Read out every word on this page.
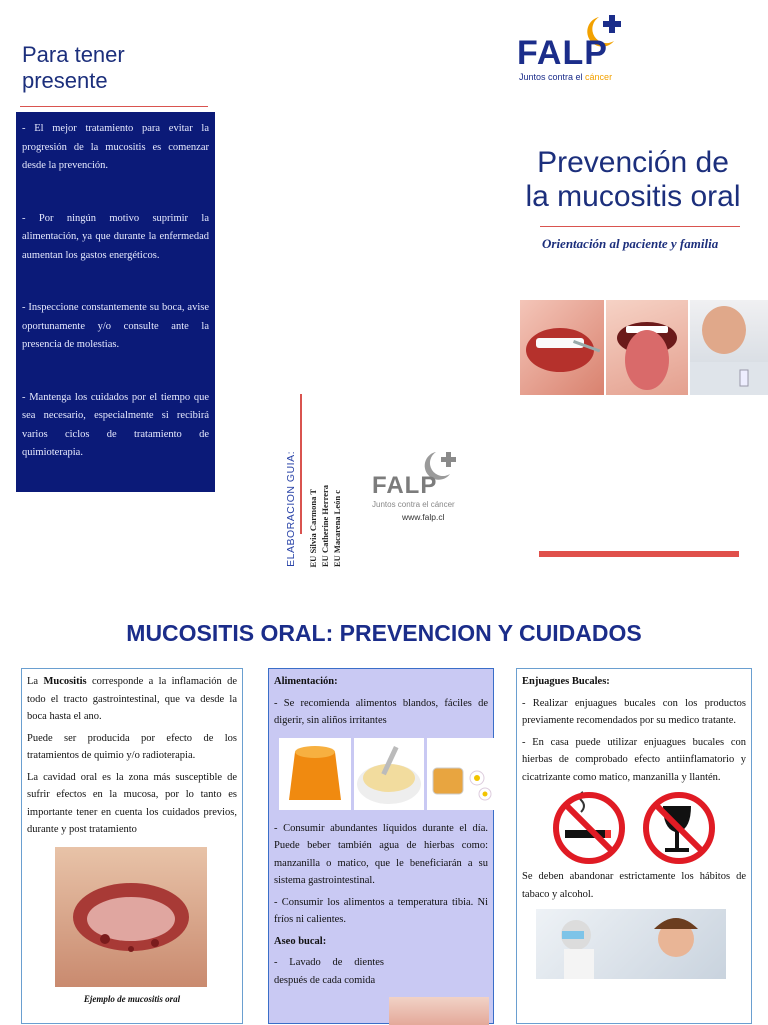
Para tener
presente

- El mejor tratamiento para evitar la progresión de la mucositis es comenzar desde la prevención.

- Por ningún motivo suprimir la alimentación, ya que durante la enfermedad aumentan los gastos energéticos.

- Inspeccione constantemente su boca, avise oportunamente y/o consulte ante la presencia de molestias.

- Mantenga los cuidados por el tiempo que sea necesario, especialmente si recibirá varios ciclos de tratamiento de quimioterapia.	ELABORACION GUIA: EU Silvia Carmona T EU Catherine Herrera EU Macarena León c
FALP
Juntos contra el cáncer
www.falp.cl
FALP
Juntos contra el cáncer
Prevención de
la mucositis oral
Orientación al paciente y familia
MUCOSITIS ORAL: PREVENCION Y CUIDADOS

La Mucositis corresponde a la inflamación de todo el tracto gastrointestinal, que va desde la boca hasta el ano.

Puede ser producida por efecto de los tratamientos de quimio y/o radioterapia.

La cavidad oral es la zona más susceptible de sufrir efectos en la mucosa, por lo tanto es importante tener en cuenta los cuidados previos, durante y post tratamiento

Ejemplo de mucositis oral

Alimentación:

- Se recomienda alimentos blandos, fáciles de digerir, sin aliños irritantes

- Consumir abundantes líquidos durante el día. Puede beber también agua de hierbas como: manzanilla o matico, que le beneficiarán a su sistema gastrointestinal.

- Consumir los alimentos a temperatura tibia. Ni fríos ni calientes.

Aseo bucal:

- Lavado de dientes después de cada comida

Enjuagues Bucales:

- Realizar enjuagues bucales con los productos previamente recomendados por su medico tratante.

- En casa puede utilizar enjuagues bucales con hierbas de comprobado efecto antiinflamatorio y cicatrizante como matico, manzanilla y llantén.

Se deben abandonar estrictamente los hábitos de tabaco y alcohol.
